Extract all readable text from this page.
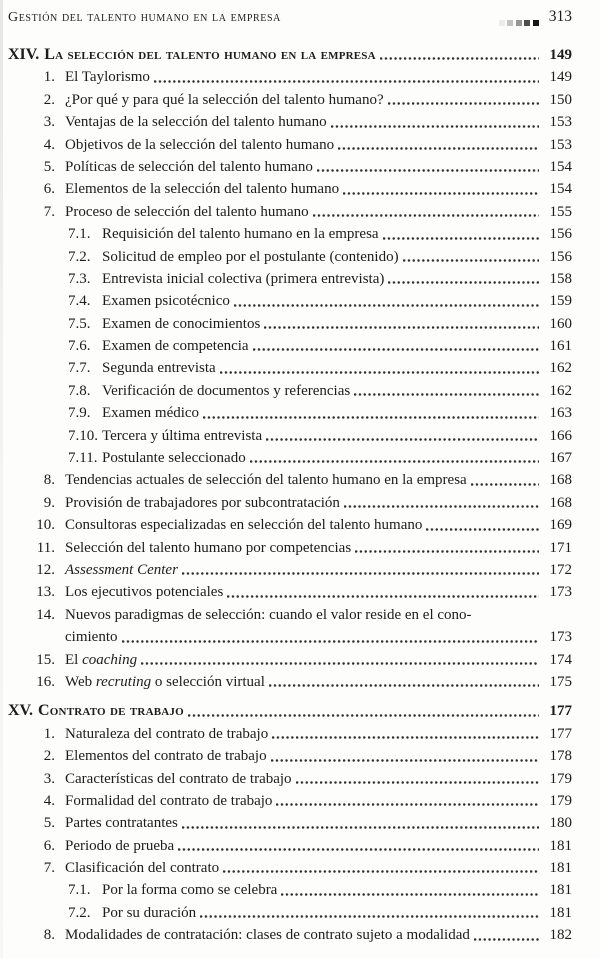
Gestión del talento humano en la empresa	313
XIV. La selección del talento humano en la empresa	149
1. El Taylorismo	149
2. ¿Por qué y para qué la selección del talento humano?	150
3. Ventajas de la selección del talento humano	153
4. Objetivos de la selección del talento humano	153
5. Políticas de selección del talento humano	154
6. Elementos de la selección del talento humano	154
7. Proceso de selección del talento humano	155
7.1. Requisición del talento humano en la empresa	156
7.2. Solicitud de empleo por el postulante (contenido)	156
7.3. Entrevista inicial colectiva (primera entrevista)	158
7.4. Examen psicotécnico	159
7.5. Examen de conocimientos	160
7.6. Examen de competencia	161
7.7. Segunda entrevista	162
7.8. Verificación de documentos y referencias	162
7.9. Examen médico	163
7.10. Tercera y última entrevista	166
7.11. Postulante seleccionado	167
8. Tendencias actuales de selección del talento humano en la empresa	168
9. Provisión de trabajadores por subcontratación	168
10. Consultoras especializadas en selección del talento humano	169
11. Selección del talento humano por competencias	171
12. Assessment Center	172
13. Los ejecutivos potenciales	173
14. Nuevos paradigmas de selección: cuando el valor reside en el cono-
cimiento	173
15. El coaching	174
16. Web recruting o selección virtual	175
XV. Contrato de trabajo	177
1. Naturaleza del contrato de trabajo	177
2. Elementos del contrato de trabajo	178
3. Características del contrato de trabajo	179
4. Formalidad del contrato de trabajo	179
5. Partes contratantes	180
6. Periodo de prueba	181
7. Clasificación del contrato	181
7.1. Por la forma como se celebra	181
7.2. Por su duración	181
8. Modalidades de contratación: clases de contrato sujeto a modalidad	182
